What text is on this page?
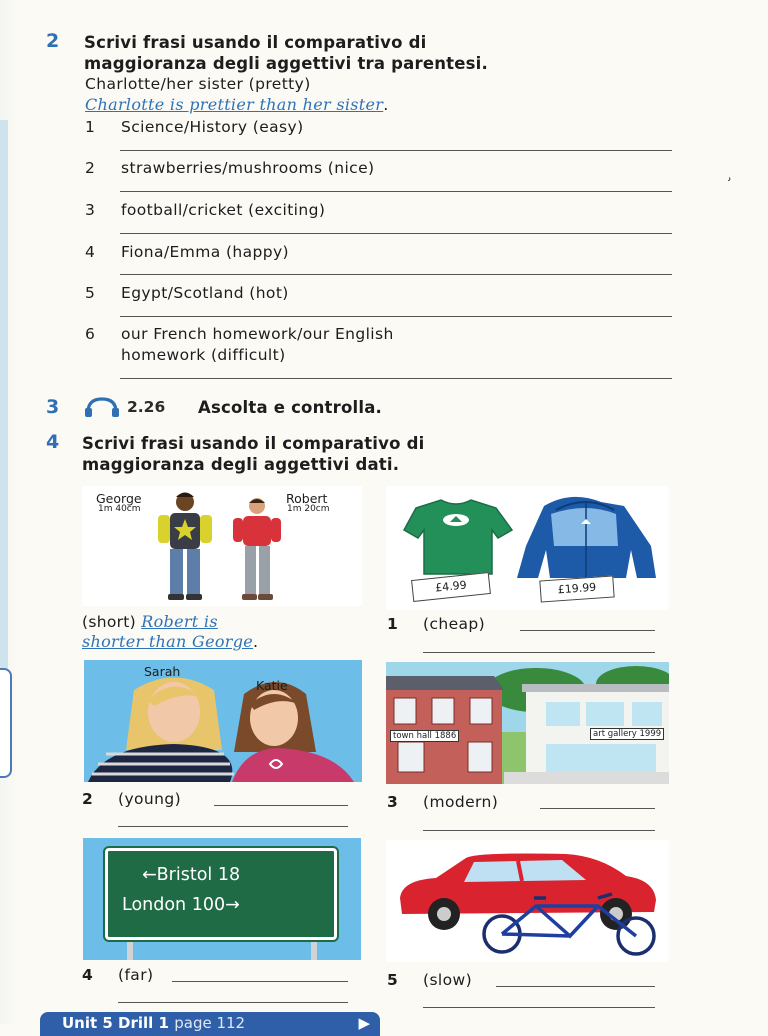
2 Scrivi frasi usando il comparativo di
maggioranza degli aggettivi tra parentesi.
Charlotte/her sister (pretty)
Charlotte is prettier than her sister.
1 Science/History (easy)
2 strawberries/mushrooms (nice)
3 football/cricket (exciting)
4 Fiona/Emma (happy)
5 Egypt/Scotland (hot)
6 our French homework/our English
homework (difficult)
ʾ
3	2.26 Ascolta e controlla.
4 Scrivi frasi usando il comparativo di
maggioranza degli aggettivi dati.
George
1m 40cm
Robert
1m 20cm
£4.99	£19.99
(short) Robert is
shorter than George.
1 (cheap)
Sarah
Katie
town hall 1886	art gallery 1999
2 (young)	3 (modern)
←Bristol 18
London 100→
4 (far)	5 (slow)
Unit 5 Drill 1 page 112	▶
